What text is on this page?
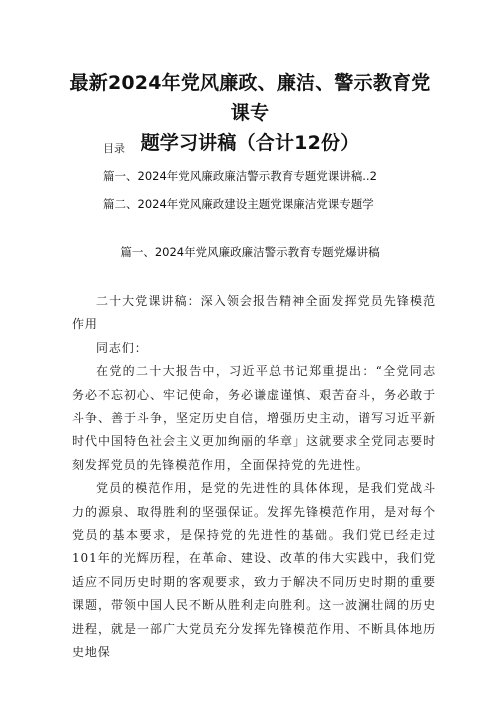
最新2024年党风廉政、廉洁、警示教育党课专
题学习讲稿（合计12份）
目录
篇一、2024年党风廉政廉洁警示教育专题党课讲稿..2
篇二、2024年党风廉政建设主题党课廉洁党课专题学
篇一、2024年党风廉政廉洁警示教育专题党爆讲稿

二十大党课讲稿：深入领会报告精神全面发挥党员先锋模范作用

同志们：

在党的二十大报告中，习近平总书记郑重提出：“全党同志务必不忘初心、牢记使命，务必谦虚谨慎、艰苦奋斗，务必敢于斗争、善于斗争，坚定历史自信，增强历史主动，谱写习近平新时代中国特色社会主义更加绚丽的华章」这就要求全党同志要时刻发挥党员的先锋模范作用，全面保持党的先进性。

党员的模范作用，是党的先进性的具体体现，是我们党战斗力的源泉、取得胜利的坚强保证。发挥先锋模范作用，是对每个党员的基本要求，是保持党的先进性的基础。我们党已经走过101年的光辉历程，在革命、建设、改革的伟大实践中，我们党适应不同历史时期的客观要求，致力于解决不同历史时期的重要课题，带领中国人民不断从胜利走向胜利。这一波澜壮阔的历史进程，就是一部广大党员充分发挥先锋模范作用、不断具体地历史地保
